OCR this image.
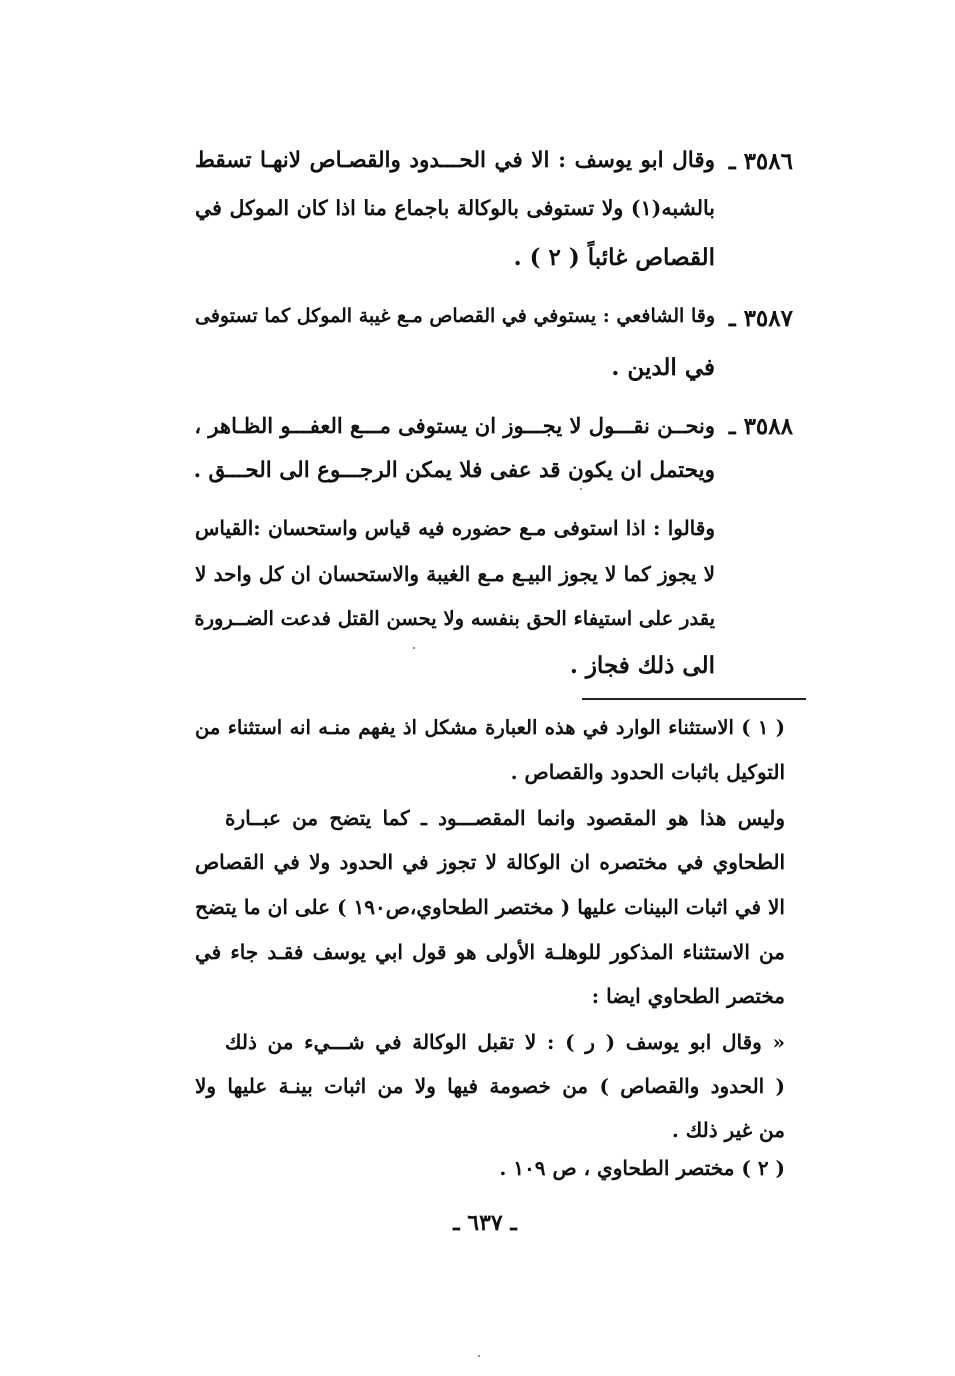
٣٥٨٦ ـ
وقال ابو يوسف : الا في الحـــدود والقصـاص لانهـا تسقط
بالشبه(١) ولا تستوفى بالوكالة باجماع منا اذا كان الموكل في
القصاص غائباً ( ٢ ) .
٣٥٨٧ ـ
وقا الشافعي : يستوفي في القصاص مـع غيبة الموكل كما تستوفى
في الدين .
٣٥٨٨ ـ
ونحــن نقـــول لا يجـــوز ان يستوفى مـــع العفـــو الظـاهر ،
ويحتمل ان يكون قد عفى فلا يمكن الرجـــوع الى الحـــق .
وقالوا : اذا استوفى مـع حضوره فيه قياس واستحسان :القياس
لا يجوز كما لا يجوز البيـع مـع الغيبة والاستحسان ان كل واحد لا
يقدر على استيفاء الحق بنفسه ولا يحسن القتل فدعت الضــرورة
الى ذلك فجاز .
( ١ ) الاستثناء الوارد في هذه العبارة مشكل اذ يفهم منـه انه استثناء من
التوكيل باثبات الحدود والقصاص .
وليس هذا هو المقصود وانما المقصـــود ـ كما يتضح من عبــارة
الطحاوي في مختصره ان الوكالة لا تجوز في الحدود ولا في القصاص
الا في اثبات البينات عليها ( مختصر الطحاوي،ص١٩٠ ) على ان ما يتضح
من الاستثناء المذكور للوهلـة الأولى هو قول ابي يوسف فقـد جاء في
مختصر الطحاوي ايضا :
« وقال ابو يوسف ( ر ) : لا تقبل الوكالة في شـــيء من ذلك
( الحدود والقصاص ) من خصومة فيها ولا من اثبات بينـة عليها ولا
من غير ذلك .
( ٢ ) مختصر الطحاوي ، ص ١٠٩ .
ـ ٦٣٧ ـ
